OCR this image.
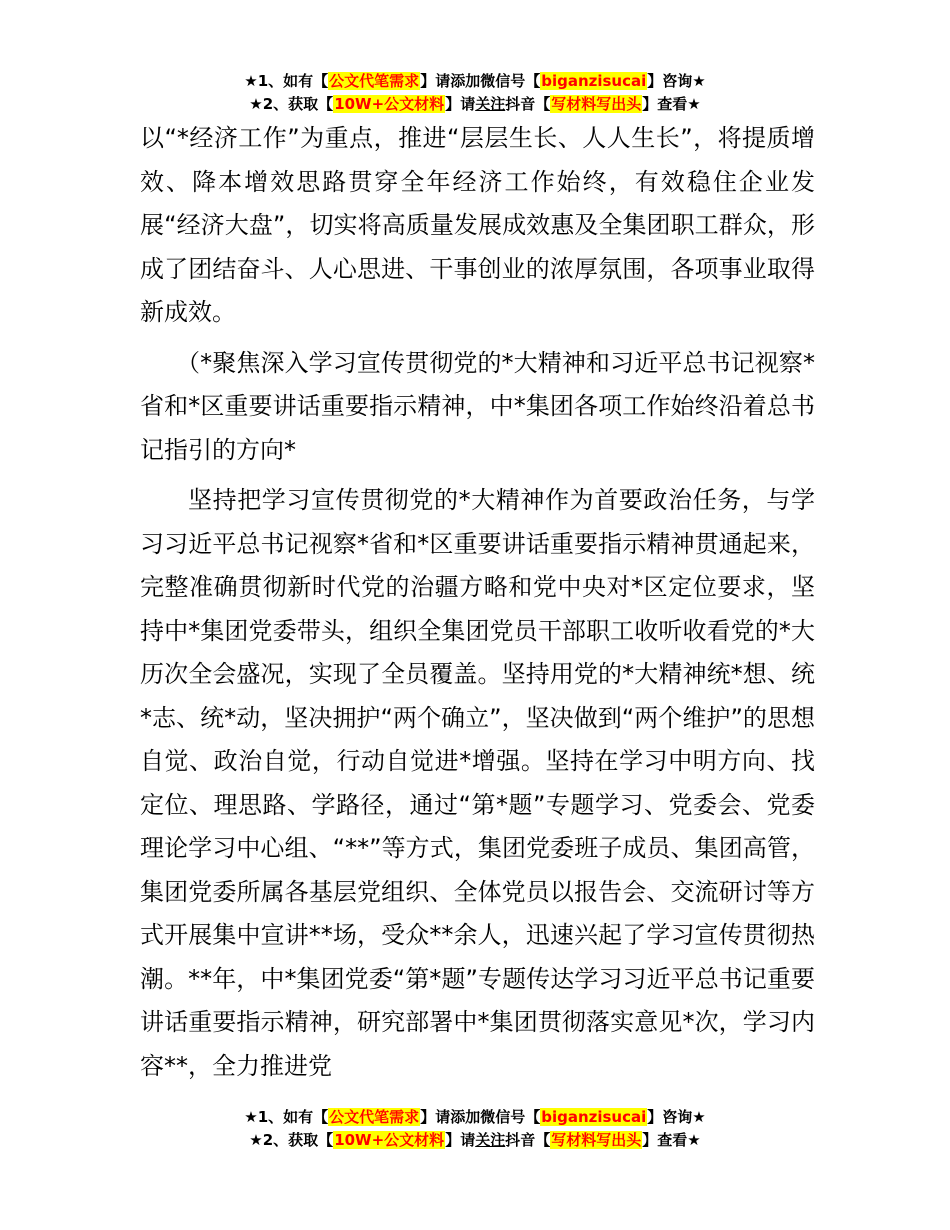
★1、如有【公文代笔需求】请添加微信号【biganzisucai】咨询★
★2、获取【10W+公文材料】请关注抖音【写材料写出头】查看★

以“*经济工作”为重点，推进“层层生长、人人生长”，将提质增效、降本增效思路贯穿全年经济工作始终，有效稳住企业发展“经济大盘”，切实将高质量发展成效惠及全集团职工群众，形成了团结奋斗、人心思进、干事创业的浓厚氛围，各项事业取得新成效。

（*聚焦深入学习宣传贯彻党的*大精神和习近平总书记视察*省和*区重要讲话重要指示精神，中*集团各项工作始终沿着总书记指引的方向*

坚持把学习宣传贯彻党的*大精神作为首要政治任务，与学习习近平总书记视察*省和*区重要讲话重要指示精神贯通起来，完整准确贯彻新时代党的治疆方略和党中央对*区定位要求，坚持中*集团党委带头，组织全集团党员干部职工收听收看党的*大历次全会盛况，实现了全员覆盖。坚持用党的*大精神统*想、统*志、统*动，坚决拥护“两个确立”，坚决做到“两个维护”的思想自觉、政治自觉，行动自觉进*增强。坚持在学习中明方向、找定位、理思路、学路径，通过“第*题”专题学习、党委会、党委理论学习中心组、“**”等方式，集团党委班子成员、集团高管，集团党委所属各基层党组织、全体党员以报告会、交流研讨等方式开展集中宣讲**场，受众**余人，迅速兴起了学习宣传贯彻热潮。**年，中*集团党委“第*题”专题传达学习习近平总书记重要讲话重要指示精神，研究部署中*集团贯彻落实意见*次，学习内容**，全力推进党

★1、如有【公文代笔需求】请添加微信号【biganzisucai】咨询★
★2、获取【10W+公文材料】请关注抖音【写材料写出头】查看★
